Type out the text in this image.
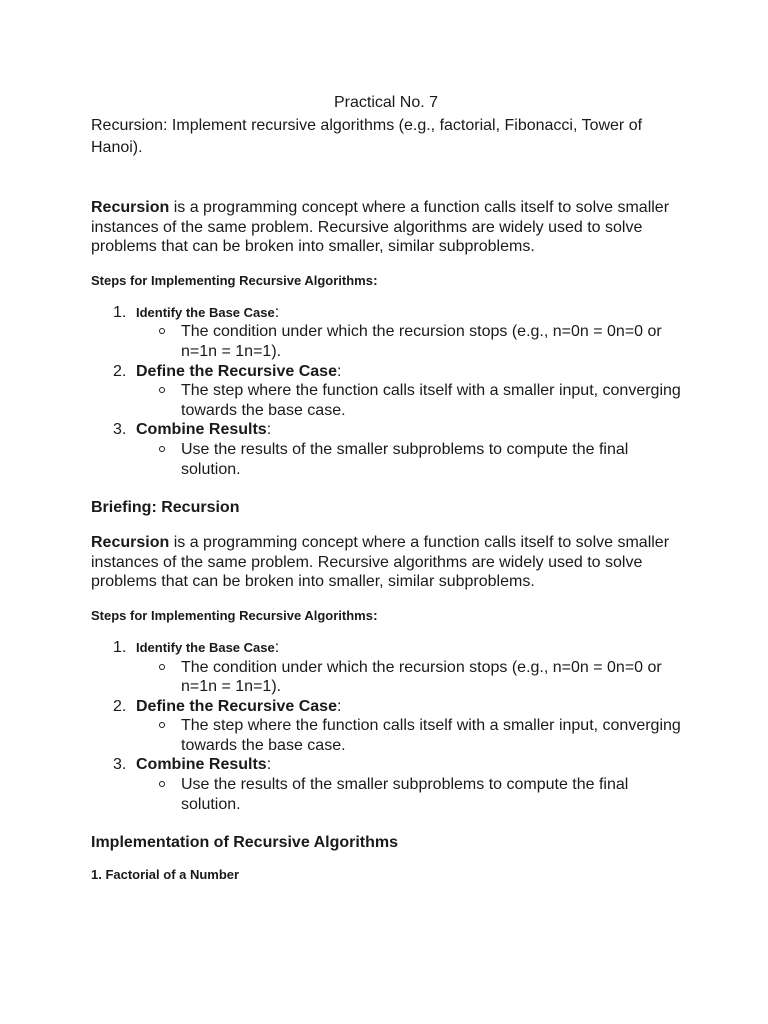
Practical No. 7

Recursion: Implement recursive algorithms (e.g., factorial, Fibonacci, Tower of Hanoi).

Recursion is a programming concept where a function calls itself to solve smaller instances of the same problem. Recursive algorithms are widely used to solve problems that can be broken into smaller, similar subproblems.

Steps for Implementing Recursive Algorithms:

1. Identify the Base Case:
The condition under which the recursion stops (e.g., n=0n = 0n=0 or n=1n = 1n=1).
2. Define the Recursive Case:
The step where the function calls itself with a smaller input, converging towards the base case.
3. Combine Results:
Use the results of the smaller subproblems to compute the final solution.
Briefing: Recursion

Recursion is a programming concept where a function calls itself to solve smaller instances of the same problem. Recursive algorithms are widely used to solve problems that can be broken into smaller, similar subproblems.

Steps for Implementing Recursive Algorithms:

1. Identify the Base Case:
The condition under which the recursion stops (e.g., n=0n = 0n=0 or n=1n = 1n=1).
2. Define the Recursive Case:
The step where the function calls itself with a smaller input, converging towards the base case.
3. Combine Results:
Use the results of the smaller subproblems to compute the final solution.
Implementation of Recursive Algorithms
1. Factorial of a Number
